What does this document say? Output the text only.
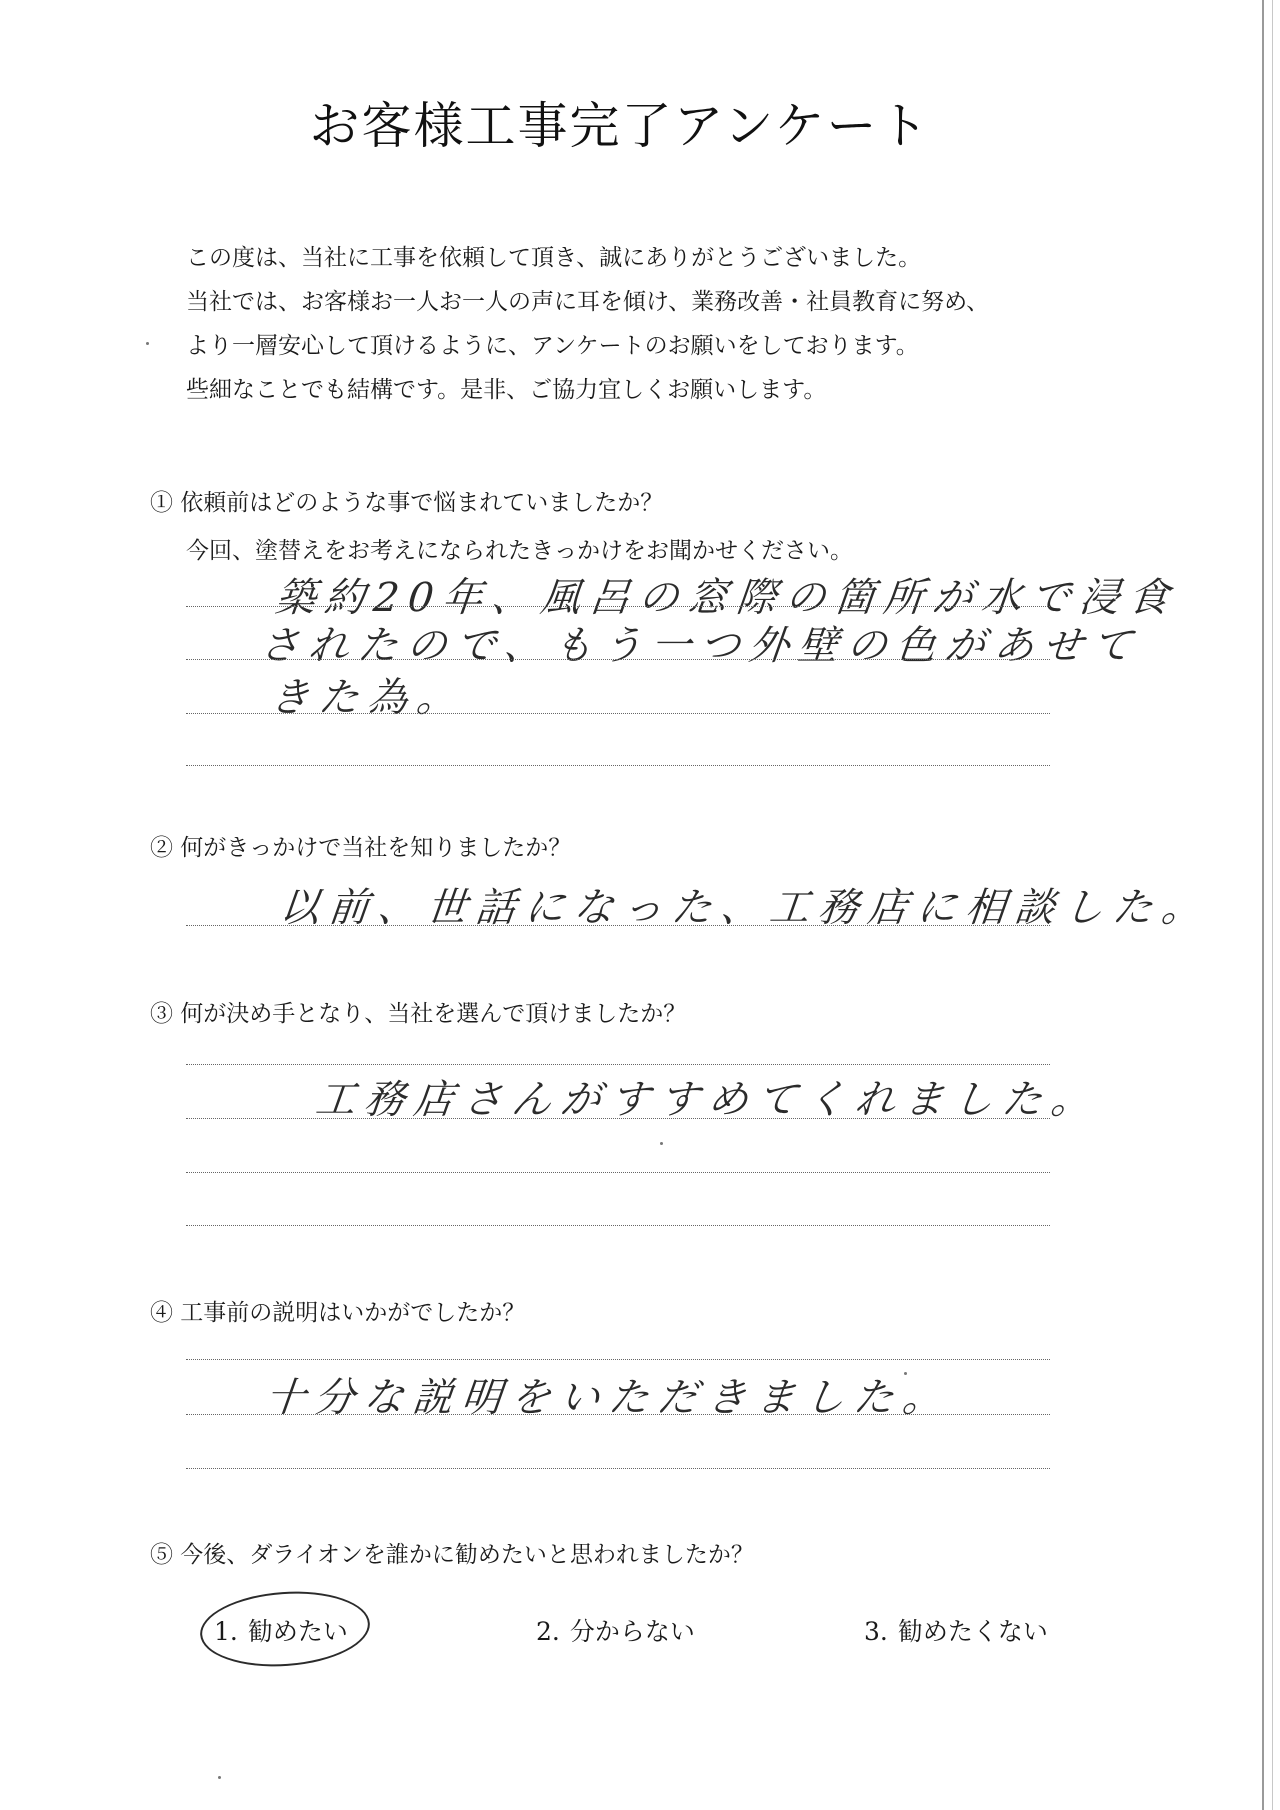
お客様工事完了アンケート
この度は、当社に工事を依頼して頂き、誠にありがとうございました。
当社では、お客様お一人お一人の声に耳を傾け、業務改善・社員教育に努め、
より一層安心して頂けるように、アンケートのお願いをしております。
些細なことでも結構です。是非、ご協力宜しくお願いします。
① 依頼前はどのような事で悩まれていましたか？
今回、塗替えをお考えになられたきっかけをお聞かせください。
築約20年、風呂の窓際の箇所が水で浸食
されたので、もう一つ外壁の色があせて
きた為。
② 何がきっかけで当社を知りましたか？
以前、世話になった、工務店に相談した。
③ 何が決め手となり、当社を選んで頂けましたか？
工務店さんがすすめてくれました。
④ 工事前の説明はいかがでしたか？
十分な説明をいただきました。
⑤ 今後、ダライオンを誰かに勧めたいと思われましたか？
1. 勧めたい	2. 分からない	3. 勧めたくない
